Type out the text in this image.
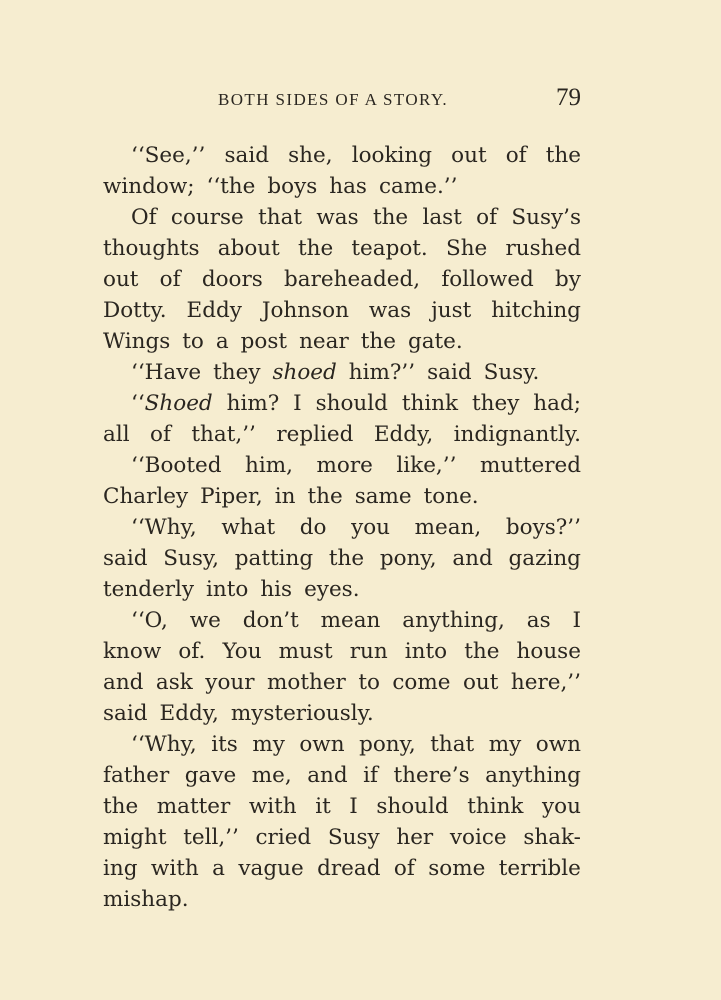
BOTH SIDES OF A STORY.	79
‘‘See,’’ said she, looking out of the
window; ‘‘the boys has came.’’
Of course that was the last of Susy’s
thoughts about the teapot. She rushed
out of doors bareheaded, followed by
Dotty. Eddy Johnson was just hitching
Wings to a post near the gate.
‘‘Have they shoed him?’’ said Susy.
‘‘Shoed him? I should think they had;
all of that,’’ replied Eddy, indignantly.
‘‘Booted him, more like,’’ muttered
Charley Piper, in the same tone.
‘‘Why, what do you mean, boys?’’
said Susy, patting the pony, and gazing
tenderly into his eyes.
‘‘O, we don’t mean anything, as I
know of. You must run into the house
and ask your mother to come out here,’’
said Eddy, mysteriously.
‘‘Why, its my own pony, that my own
father gave me, and if there’s anything
the matter with it I should think you
might tell,’’ cried Susy her voice shak-
ing with a vague dread of some terrible
mishap.
